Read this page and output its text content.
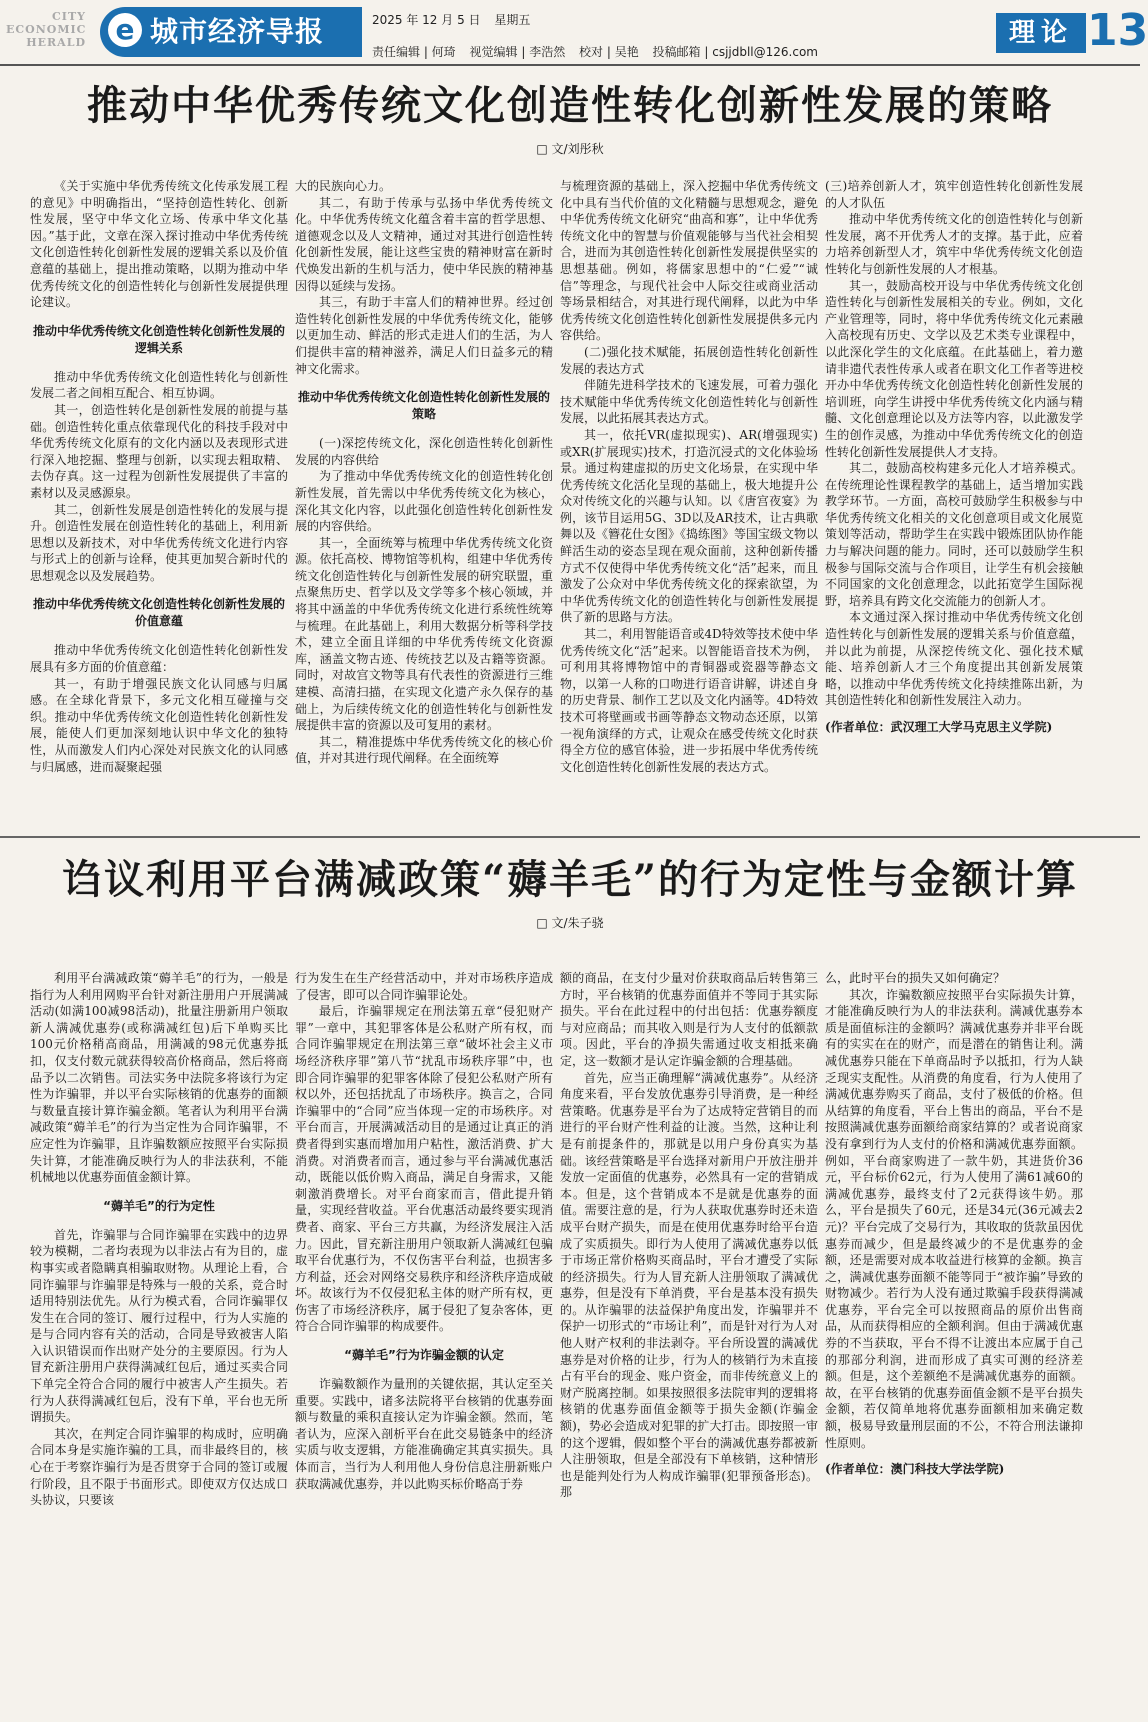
CITY
ECONOMIC
HERALD e 城市经济导报	2025 年 12 月 5 日 星期五
责任编辑 | 何琦 视觉编辑 | 李浩然 校对 | 吴艳 投稿邮箱 | csjjdbll@126.com
理论 13
推动中华优秀传统文化创造性转化创新性发展的策略
□ 文/刘彤秋

《关于实施中华优秀传统文化传承发展工程的意见》中明确指出，“坚持创造性转化、创新性发展，坚守中华文化立场、传承中华文化基因。”基于此，文章在深入探讨推动中华优秀传统文化创造性转化创新性发展的逻辑关系以及价值意蕴的基础上，提出推动策略，以期为推动中华优秀传统文化的创造性转化与创新性发展提供理论建议。

推动中华优秀传统文化创造性转化创新性发展的逻辑关系

推动中华优秀传统文化创造性转化与创新性发展二者之间相互配合、相互协调。

其一，创造性转化是创新性发展的前提与基础。创造性转化重点依靠现代化的科技手段对中华优秀传统文化原有的文化内涵以及表现形式进行深入地挖掘、整理与创新，以实现去粗取精、去伪存真。这一过程为创新性发展提供了丰富的素材以及灵感源泉。

其二，创新性发展是创造性转化的发展与提升。创造性发展在创造性转化的基础上，利用新思想以及新技术，对中华优秀传统文化进行内容与形式上的创新与诠释，使其更加契合新时代的思想观念以及发展趋势。

推动中华优秀传统文化创造性转化创新性发展的价值意蕴

推动中华优秀传统文化创造性转化创新性发展具有多方面的价值意蕴：

其一，有助于增强民族文化认同感与归属感。在全球化背景下，多元文化相互碰撞与交织。推动中华优秀传统文化创造性转化创新性发展，能使人们更加深刻地认识中华文化的独特性，从而激发人们内心深处对民族文化的认同感与归属感，进而凝聚起强

大的民族向心力。

其二，有助于传承与弘扬中华优秀传统文化。中华优秀传统文化蕴含着丰富的哲学思想、道德观念以及人文精神，通过对其进行创造性转化创新性发展，能让这些宝贵的精神财富在新时代焕发出新的生机与活力，使中华民族的精神基因得以延续与发扬。

其三，有助于丰富人们的精神世界。经过创造性转化创新性发展的中华优秀传统文化，能够以更加生动、鲜活的形式走进人们的生活，为人们提供丰富的精神滋养，满足人们日益多元的精神文化需求。

推动中华优秀传统文化创造性转化创新性发展的策略

(一)深挖传统文化，深化创造性转化创新性发展的内容供给

为了推动中华优秀传统文化的创造性转化创新性发展，首先需以中华优秀传统文化为核心，深化其文化内容，以此强化创造性转化创新性发展的内容供给。

其一，全面统筹与梳理中华优秀传统文化资源。依托高校、博物馆等机构，组建中华优秀传统文化创造性转化与创新性发展的研究联盟，重点聚焦历史、哲学以及文学等多个核心领域，并将其中涵盖的中华优秀传统文化进行系统性统筹与梳理。在此基础上，利用大数据分析等科学技术，建立全面且详细的中华优秀传统文化资源库，涵盖文物古迹、传统技艺以及古籍等资源。同时，对故宫文物等具有代表性的资源进行三维建模、高清扫描，在实现文化遗产永久保存的基础上，为后续传统文化的创造性转化与创新性发展提供丰富的资源以及可复用的素材。

其二，精准提炼中华优秀传统文化的核心价值，并对其进行现代阐释。在全面统筹

与梳理资源的基础上，深入挖掘中华优秀传统文化中具有当代价值的文化精髓与思想观念，避免中华优秀传统文化研究“曲高和寡”，让中华优秀传统文化中的智慧与价值观能够与当代社会相契合，进而为其创造性转化创新性发展提供坚实的思想基础。例如，将儒家思想中的“仁爱”“诚信”等理念，与现代社会中人际交往或商业活动等场景相结合，对其进行现代阐释，以此为中华优秀传统文化创造性转化创新性发展提供多元内容供给。

(二)强化技术赋能，拓展创造性转化创新性发展的表达方式

伴随先进科学技术的飞速发展，可着力强化技术赋能中华优秀传统文化创造性转化与创新性发展，以此拓展其表达方式。

其一，依托VR(虚拟现实)、AR(增强现实)或XR(扩展现实)技术，打造沉浸式的文化体验场景。通过构建虚拟的历史文化场景，在实现中华优秀传统文化活化呈现的基础上，极大地提升公众对传统文化的兴趣与认知。以《唐宫夜宴》为例，该节目运用5G、3D以及AR技术，让古典歌舞以及《簪花仕女图》《捣练图》等国宝级文物以鲜活生动的姿态呈现在观众面前，这种创新传播方式不仅使得中华优秀传统文化“活”起来，而且激发了公众对中华优秀传统文化的探索欲望，为中华优秀传统文化的创造性转化与创新性发展提供了新的思路与方法。

其二，利用智能语音或4D特效等技术使中华优秀传统文化“活”起来。以智能语音技术为例，可利用其将博物馆中的青铜器或瓷器等静态文物，以第一人称的口吻进行语音讲解，讲述自身的历史背景、制作工艺以及文化内涵等。4D特效技术可将壁画或书画等静态文物动态还原，以第一视角演绎的方式，让观众在感受传统文化时获得全方位的感官体验，进一步拓展中华优秀传统文化创造性转化创新性发展的表达方式。

(三)培养创新人才，筑牢创造性转化创新性发展的人才队伍

推动中华优秀传统文化的创造性转化与创新性发展，离不开优秀人才的支撑。基于此，应着力培养创新型人才，筑牢中华优秀传统文化创造性转化与创新性发展的人才根基。

其一，鼓励高校开设与中华优秀传统文化创造性转化与创新性发展相关的专业。例如，文化产业管理等，同时，将中华优秀传统文化元素融入高校现有历史、文学以及艺术类专业课程中，以此深化学生的文化底蕴。在此基础上，着力邀请非遗代表性传承人或者在职文化工作者等进校开办中华优秀传统文化创造性转化创新性发展的培训班，向学生讲授中华优秀传统文化内涵与精髓、文化创意理论以及方法等内容，以此激发学生的创作灵感，为推动中华优秀传统文化的创造性转化创新性发展提供人才支持。

其二，鼓励高校构建多元化人才培养模式。在传统理论性课程教学的基础上，适当增加实践教学环节。一方面，高校可鼓励学生积极参与中华优秀传统文化相关的文化创意项目或文化展览策划等活动，帮助学生在实践中锻炼团队协作能力与解决问题的能力。同时，还可以鼓励学生积极参与国际交流与合作项目，让学生有机会接触不同国家的文化创意理念，以此拓宽学生国际视野，培养具有跨文化交流能力的创新人才。

本文通过深入探讨推动中华优秀传统文化创造性转化与创新性发展的逻辑关系与价值意蕴，并以此为前提，从深挖传统文化、强化技术赋能、培养创新人才三个角度提出其创新发展策略，以推动中华优秀传统文化持续推陈出新，为其创造性转化和创新性发展注入动力。

(作者单位：武汉理工大学马克思主义学院)

诌议利用平台满减政策“薅羊毛”的行为定性与金额计算
□ 文/朱子骁

利用平台满减政策“薅羊毛”的行为，一般是指行为人利用网购平台针对新注册用户开展满减活动(如满100减98活动)，批量注册新用户领取新人满减优惠券(或称满减红包)后下单购买比100元价格稍高商品，用满减的98元优惠券抵扣，仅支付数元就获得较高价格商品，然后将商品予以二次销售。司法实务中法院多将该行为定性为诈骗罪，并以平台实际核销的优惠券的面额与数量直接计算诈骗金额。笔者认为利用平台满减政策“薅羊毛”的行为当定性为合同诈骗罪，不应定性为诈骗罪，且诈骗数额应按照平台实际损失计算，才能准确反映行为人的非法获利，不能机械地以优惠券面值金额计算。

“薅羊毛”的行为定性

首先，诈骗罪与合同诈骗罪在实践中的边界较为模糊，二者均表现为以非法占有为目的，虚构事实或者隐瞒真相骗取财物。从理论上看，合同诈骗罪与诈骗罪是特殊与一般的关系，竞合时适用特别法优先。从行为模式看，合同诈骗罪仅发生在合同的签订、履行过程中，行为人实施的是与合同内容有关的活动，合同是导致被害人陷入认识错误而作出财产处分的主要原因。行为人冒充新注册用户获得满减红包后，通过买卖合同下单完全符合合同的履行中被害人产生损失。若行为人获得满减红包后，没有下单，平台也无所谓损失。

其次，在判定合同诈骗罪的构成时，应明确合同本身是实施诈骗的工具，而非最终目的，核心在于考察诈骗行为是否贯穿于合同的签订或履行阶段，且不限于书面形式。即使双方仅达成口头协议，只要该

行为发生在生产经营活动中，并对市场秩序造成了侵害，即可以合同诈骗罪论处。

最后，诈骗罪规定在刑法第五章“侵犯财产罪”一章中，其犯罪客体是公私财产所有权，而合同诈骗罪规定在刑法第三章“破坏社会主义市场经济秩序罪”第八节“扰乱市场秩序罪”中，也即合同诈骗罪的犯罪客体除了侵犯公私财产所有权以外，还包括扰乱了市场秩序。换言之，合同诈骗罪中的“合同”应当体现一定的市场秩序。对平台而言，开展满减活动目的是通过让真正的消费者得到实惠而增加用户粘性，激活消费、扩大消费。对消费者而言，通过参与平台满减优惠活动，既能以低价购入商品，满足自身需求，又能刺激消费增长。对平台商家而言，借此提升销量，实现经营收益。平台优惠活动最终要实现消费者、商家、平台三方共赢，为经济发展注入活力。因此，冒充新注册用户领取新人满减红包骗取平台优惠行为，不仅伤害平台利益，也损害多方利益，还会对网络交易秩序和经济秩序造成破坏。故该行为不仅侵犯私主体的财产所有权，更伤害了市场经济秩序，属于侵犯了复杂客体，更符合合同诈骗罪的构成要件。

“薅羊毛”行为诈骗金额的认定

诈骗数额作为量刑的关键依据，其认定至关重要。实践中，诸多法院将平台核销的优惠券面额与数量的乘积直接认定为诈骗金额。然而，笔者认为，应深入剖析平台在此交易链条中的经济实质与收支逻辑，方能准确确定其真实损失。具体而言，当行为人利用他人身份信息注册新账户获取满减优惠券，并以此购买标价略高于券

额的商品，在支付少量对价获取商品后转售第三方时，平台核销的优惠券面值并不等同于其实际损失。平台在此过程中的付出包括：优惠券额度与对应商品；而其收入则是行为人支付的低额款项。因此，平台的净损失需通过收支相抵来确定，这一数额才是认定诈骗金额的合理基础。

首先，应当正确理解“满减优惠券”。从经济角度来看，平台发放优惠券引导消费，是一种经营策略。优惠券是平台为了达成特定营销目的而进行的平台财产性利益的让渡。当然，这种让利是有前提条件的，那就是以用户身份真实为基础。该经营策略是平台选择对新用户开放注册并发放一定面值的优惠券，必然具有一定的营销成本。但是，这个营销成本不是就是优惠券的面值。需要注意的是，行为人获取优惠券时还未造成平台财产损失，而是在使用优惠券时给平台造成了实质损失。即行为人使用了满减优惠券以低于市场正常价格购买商品时，平台才遭受了实际的经济损失。行为人冒充新人注册领取了满减优惠券，但是没有下单消费，平台是基本没有损失的。从诈骗罪的法益保护角度出发，诈骗罪并不保护一切形式的“市场让利”，而是针对行为人对他人财产权利的非法剥夺。平台所设置的满减优惠券是对价格的让步，行为人的核销行为未直接占有平台的现金、账户资金，而非传统意义上的财产脱离控制。如果按照很多法院审判的逻辑将核销的优惠券面值金额等于损失金额(诈骗金额)，势必会造成对犯罪的扩大打击。即按照一审的这个逻辑，假如整个平台的满减优惠券都被新人注册领取，但是全部没有下单核销，这种情形也是能判处行为人构成诈骗罪(犯罪预备形态)。那

么，此时平台的损失又如何确定？

其次，诈骗数额应按照平台实际损失计算，才能准确反映行为人的非法获利。满减优惠券本质是面值标注的金额吗？满减优惠券并非平台既有的实实在在的财产，而是潜在的销售让利。满减优惠券只能在下单商品时予以抵扣，行为人缺乏现实支配性。从消费的角度看，行为人使用了满减优惠券购买了商品，支付了极低的价格。但从结算的角度看，平台上售出的商品，平台不是按照满减优惠券面额给商家结算的？或者说商家没有拿到行为人支付的价格和满减优惠券面额。例如，平台商家购进了一款牛奶，其进货价36元，平台标价62元，行为人使用了满61减60的满减优惠券，最终支付了2元获得该牛奶。那么，平台是损失了60元，还是34元(36元减去2元)？平台完成了交易行为，其收取的货款虽因优惠券而减少，但是最终减少的不是优惠券的金额，还是需要对成本收益进行核算的金额。换言之，满减优惠券面额不能等同于“被诈骗”导致的财物减少。若行为人没有通过欺骗手段获得满减优惠券，平台完全可以按照商品的原价出售商品，从而获得相应的全额利润。但由于满减优惠券的不当获取，平台不得不让渡出本应属于自己的那部分利润，进而形成了真实可测的经济差额。但是，这个差额绝不是满减优惠券的面额。故，在平台核销的优惠券面值金额不是平台损失金额，若仅简单地将优惠券面额相加来确定数额，极易导致量刑层面的不公，不符合刑法谦抑性原则。

(作者单位：澳门科技大学法学院)
